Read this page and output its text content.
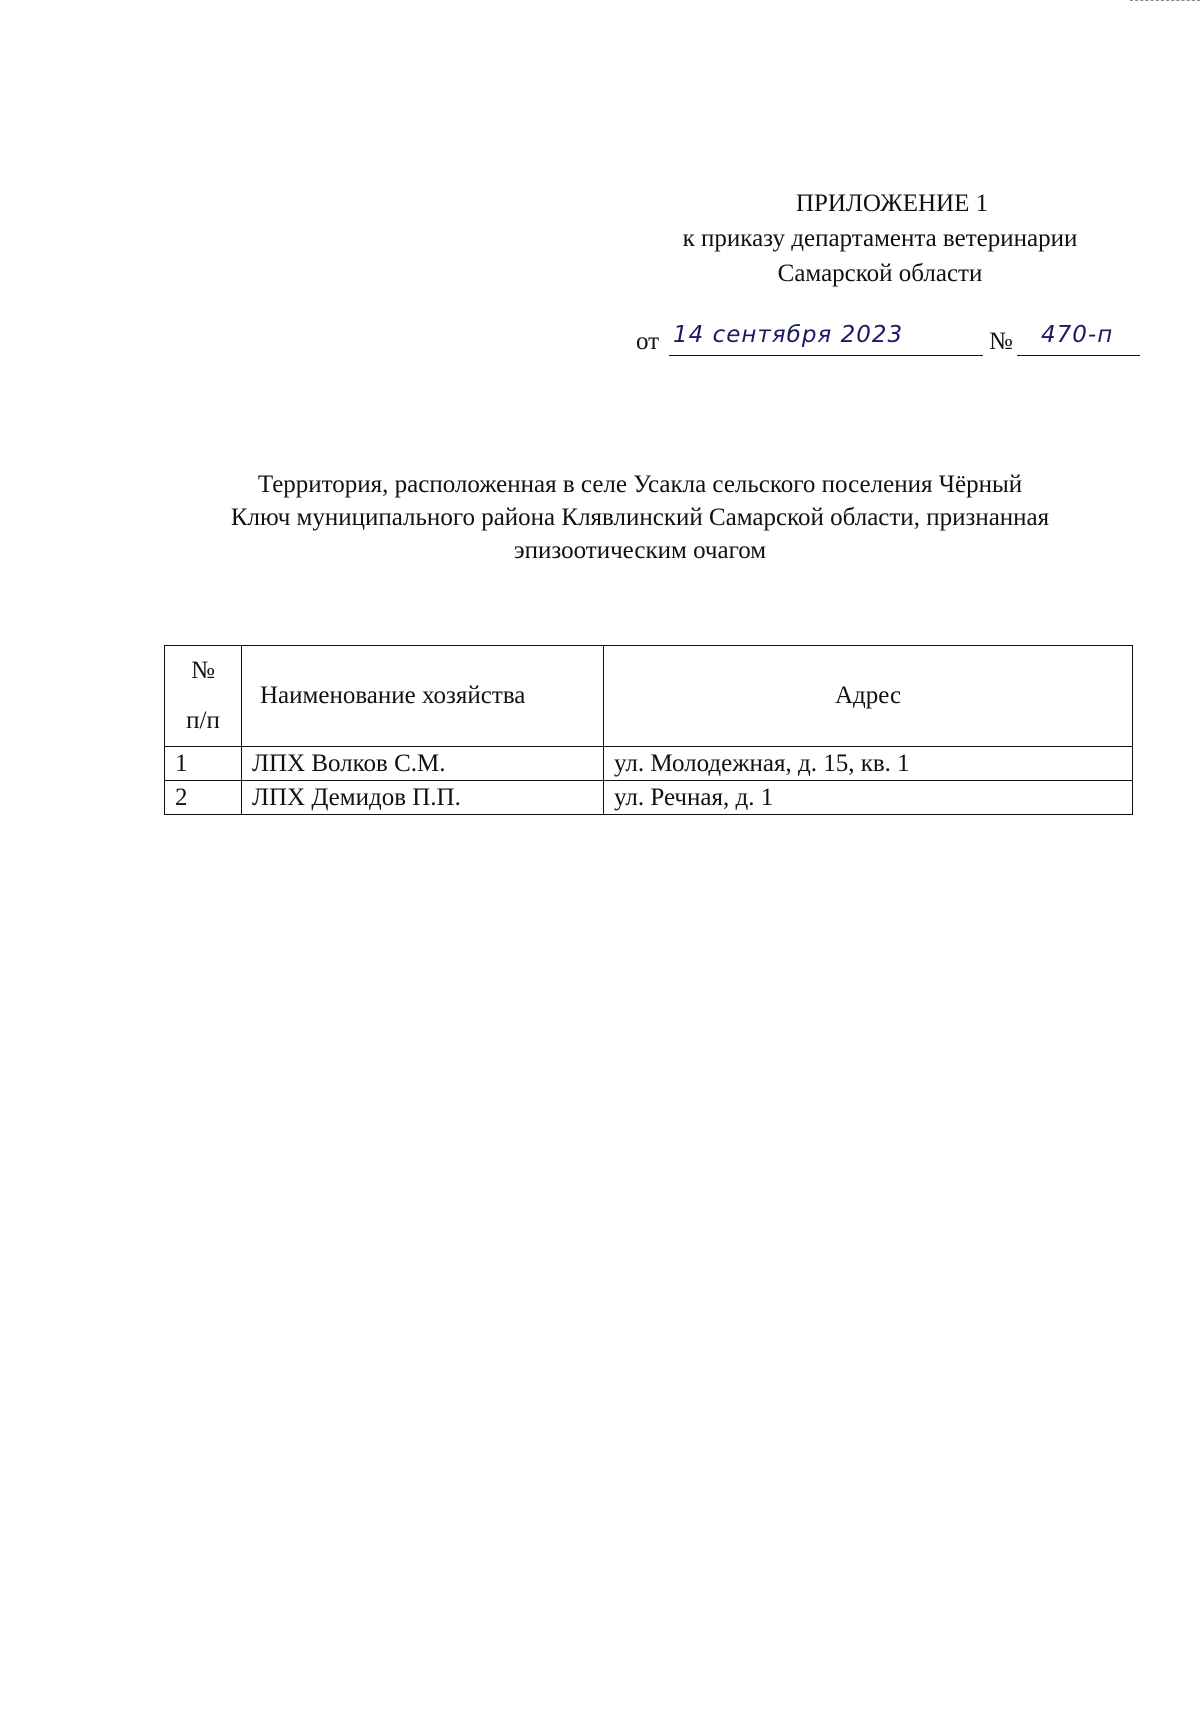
ПРИЛОЖЕНИЕ 1
к приказу департамента ветеринарии
Самарской области
от 14 сентября 2023	№	470-п
Территория, расположенная в селе Усакла сельского поселения Чёрный
Ключ муниципального района Клявлинский Самарской области, признанная
эпизоотическим очагом
№
п/п	Наименование хозяйства	Адрес
1	ЛПХ Волков С.М.	ул. Молодежная, д. 15, кв. 1
2	ЛПХ Демидов П.П.	ул. Речная, д. 1
